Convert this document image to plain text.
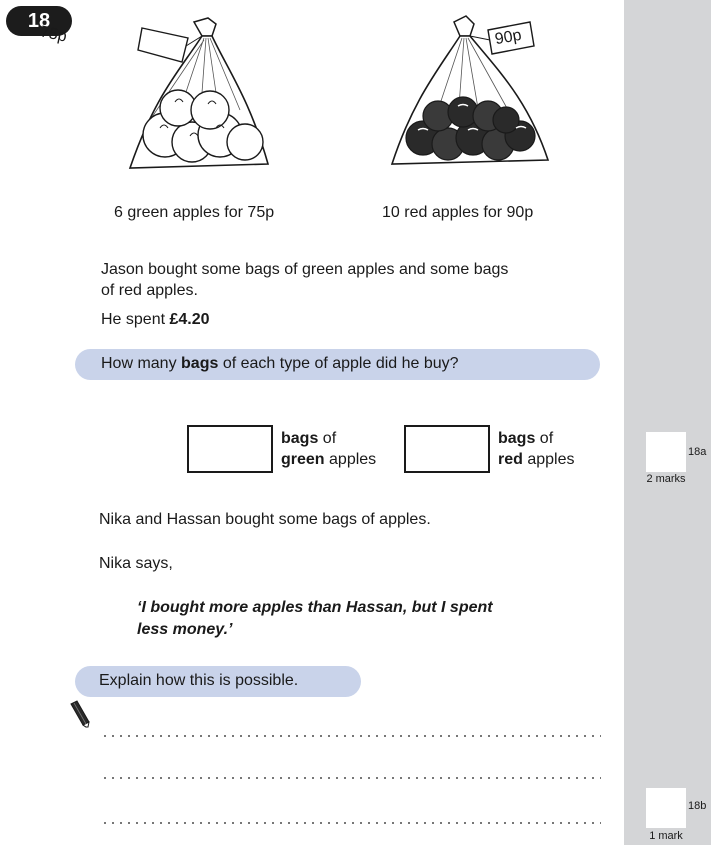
18
75p
6 green apples for 75p
90p
10 red apples for 90p
Jason bought some bags of green apples and some bags
of red apples.
He spent £4.20
How many bags of each type of apple did he buy?
bags of
green apples
bags of
red apples
Nika and Hassan bought some bags of apples.
Nika says,
‘I bought more apples than Hassan, but I spent
less money.’
Explain how this is possible.
18a
2 marks
18b
1 mark
